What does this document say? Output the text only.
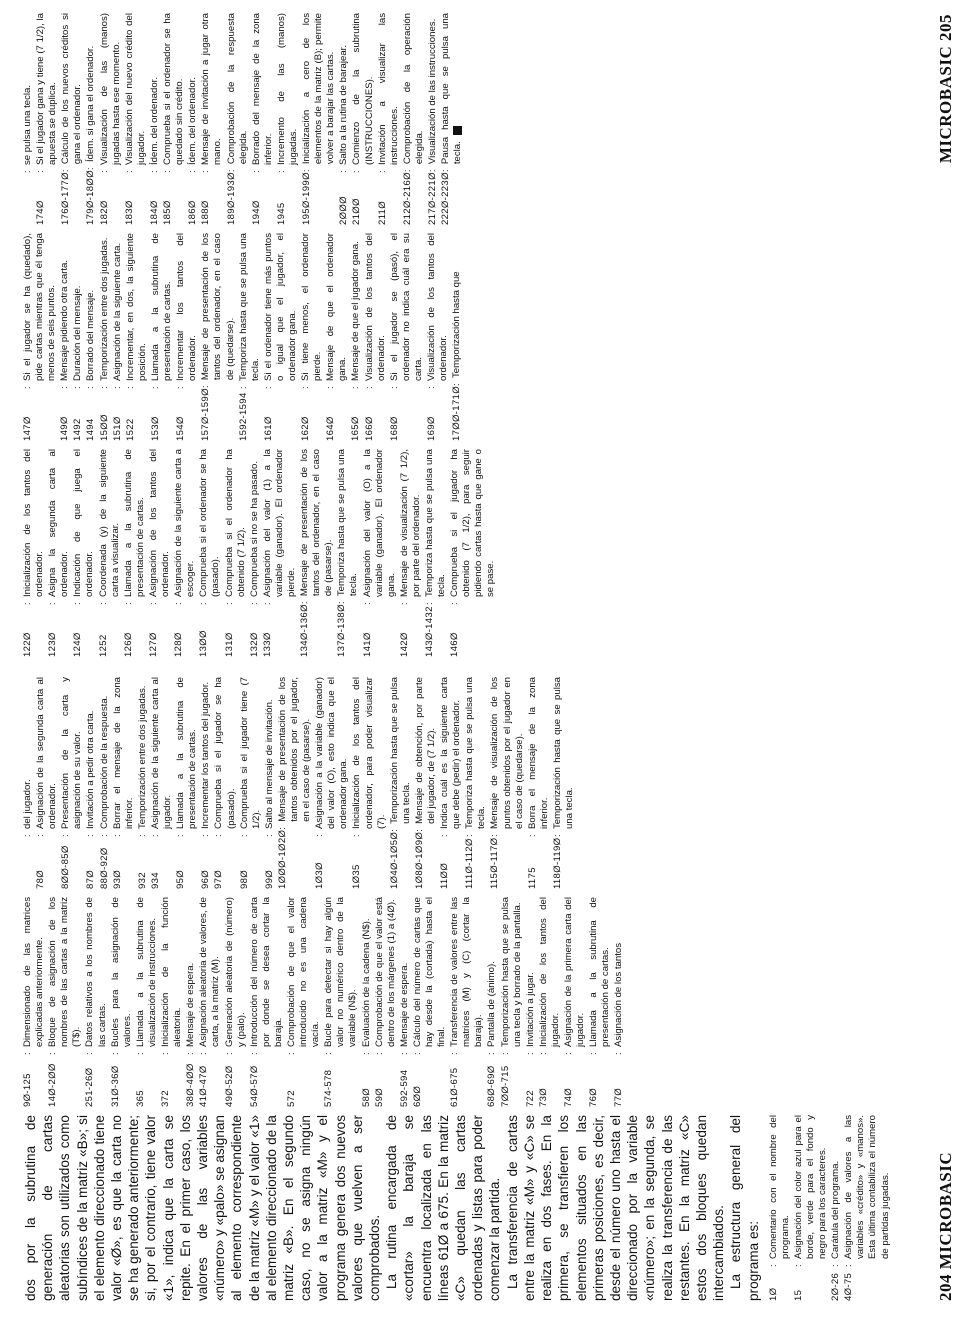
dos por la subrutina de generación de cartas aleatorias son utilizados como subíndices de la matriz «B»; si el elemento direccionado tiene valor «Ø», es que la carta no se ha generado anteriormente; si, por el contrario, tiene valor «1», indica que la carta se repite. En el primer caso, los valores de las variables «número» y «palo» se asignan al elemento correspondiente de la matriz «M» y el valor «1» al elemento direccionado de la matriz «B». En el segundo caso, no se asigna ningún valor a la matriz «M» y el programa genera dos nuevos valores que vuelven a ser comprobados. La rutina encargada de «cortar» la baraja se encuentra localizada en las líneas 61Ø a 675. En la matriz «C» quedan las cartas ordenadas y listas para poder comenzar la partida. La transferencia de cartas entre la matriz «M» y «C» se realiza en dos fases. En la primera, se transfieren los elementos situados en las primeras posiciones, es decir, desde el número uno hasta el direccionado por la variable «número»; en la segunda, se realiza la transferencia de las restantes. En la matriz «C» estos dos bloques quedan intercambiados. La estructura general del programa es: 1Ø
:
Comentario con el nombre del programa.
15
:
Asignación del color azul para el borde, verde para el fondo y negro para los caracteres.
2Ø-26
:
Carátula del programa.
4Ø-75
:
Asignación de valores a las variables «crédito» y «manos». Esta última contabiliza el número de partidas jugadas.
9Ø-125
:
Dimensionado de las matrices explicadas anteriormente.
14Ø-2ØØ
:
Bloque de asignación de los nombres de las cartas a la matriz (T$).
251-26Ø
:
Datos relativos a los nombres de las cartas.
31Ø-36Ø
:
Bucles para la asignación de valores.
365
:
Llamada a la subrutina de visualización de instrucciones.
372
:
Inicialización de la función aleatoria.
38Ø-4ØØ
:
Mensaje de espera.
41Ø-47Ø
:
Asignación aleatoria de valores, de carta, a la matriz (M).
49Ø-52Ø
:
Generación aleatoria de (número) y (palo).
54Ø-57Ø
:
Introducción del número de carta por donde se desea cortar la baraja.
572
:
Comprobación de que el valor introducido no es una cadena vacía.
574-578
:
Bucle para detectar si hay algún valor no numérico dentro de la variable (N$).
58Ø
:
Evaluación de la cadena (N$).
59Ø
:
Comprobación de que el valor está dentro de los márgenes (1) a (4Ø).
592-594
:
Mensaje de espera.
6ØØ
:
Cálculo del número de cartas que hay desde la (cortada) hasta el final.
61Ø-675
:
Transferencia de valores entre las matrices (M) y (C) (cortar la baraja).
68Ø-69Ø
:
Pantalla de (ánimo).
7ØØ-715
:
Temporización hasta que se pulsa una tecla y borrado de la pantalla.
722
:
Invitación a jugar.
73Ø
:
Inicialización de los tantos del jugador.
74Ø
:
Asignación de la primera carta del jugador.
76Ø
:
Llamada a la subrutina de presentación de cartas.
77Ø
:
Asignación de los tantos
:
del jugador.
78Ø
:
Asignación de la segunda carta al ordenador.
8ØØ-85Ø
:
Presentación de la carta y asignación de su valor.
87Ø
:
Invitación a pedir otra carta.
88Ø-92Ø
:
Comprobación de la respuesta.
93Ø
:
Borrar el mensaje de la zona inferior.
932
:
Temporización entre dos jugadas.
934
:
Asignación de la siguiente carta al jugador.
95Ø
:
Llamada a la subrutina de presentación de cartas.
96Ø
:
Incrementar los tantos del jugador.
97Ø
:
Comprueba si el jugador se ha (pasado).
98Ø
:
Comprueba si el jugador tiene (7 1/2).
99Ø
:
Salto al mensaje de invitación.
1ØØØ-1Ø2Ø
:
Mensaje de presentación de los tantos obtenidos por el jugador, en el caso de (pasarse).
1Ø3Ø
:
Asignación a la variable (ganador) del valor (O), esto indica que el ordenador gana.
1Ø35
:
Inicialización de los tantos del ordenador, para poder visualizar (7).
1Ø4Ø-1Ø5Ø
:
Temporización hasta que se pulsa una tecla.
1Ø8Ø-1Ø9Ø
:
Mensaje de obtención, por parte del jugador, de (7 1/2).
11ØØ
:
Indica cuál es la siguiente carta que debe (pedir) el ordenador.
111Ø-112Ø
:
Temporiza hasta que se pulsa una tecla.
115Ø-117Ø
:
Mensaje de visualización de los puntos obtenidos por el jugador en el caso de (quedarse).
1175
:
Borra el mensaje de la zona inferior.
118Ø-119Ø
:
Temporización hasta que se pulsa una tecla.
204 MICROBASIC
122Ø
:
Inicialización de los tantos del ordenador.
123Ø
:
Asigna la segunda carta al ordenador.
124Ø
:
Indicación de que juega el ordenador.
1252
:
Coordenada (y) de la siguiente carta a visualizar.
126Ø
:
Llamada a la subrutina de presentación de cartas.
127Ø
:
Asignación de los tantos del ordenador.
128Ø
:
Asignación de la siguiente carta a escoger.
13ØØ
:
Comprueba si el ordenador se ha (pasado).
131Ø
:
Comprueba si el ordenador ha obtenido (7 1/2).
132Ø
:
Comprueba si no se ha pasado.
133Ø
:
Asignación del valor (1) a la variable (ganador). El ordenador pierde.
134Ø-136Ø
:
Mensaje de presentación de los tantos del ordenador, en el caso de (pasarse).
137Ø-138Ø
:
Temporiza hasta que se pulsa una tecla.
141Ø
:
Asignación del valor (O) a la variable (ganador). El ordenador gana.
142Ø
:
Mensaje de visualización (7 1/2), por parte del ordenador.
143Ø-1432
:
Temporiza hasta que se pulsa una tecla.
146Ø
:
Comprueba si el jugador ha obtenido (7 1/2), para seguir pidiendo cartas hasta que gane o se pase.
147Ø
:
Si el jugador se ha (quedado), pide cartas mientras que él tenga menos de seis puntos.
149Ø
:
Mensaje pidiendo otra carta.
1492
:
Duración del mensaje.
1494
:
Borrado del mensaje.
15ØØ
:
Temporización entre dos jugadas.
151Ø
:
Asignación de la siguiente carta.
1522
:
Incrementar, en dos, la siguiente posición.
153Ø
:
Llamada a la subrutina de presentación de cartas.
154Ø
:
Incrementar los tantos del ordenador.
157Ø-159Ø
:
Mensaje de presentación de los tantos del ordenador, en el caso de (quedarse).
1592-1594
:
Temporiza hasta que se pulsa una tecla.
161Ø
:
Si el ordenador tiene más puntos o igual que el jugador, el ordenador gana.
162Ø
:
Si tiene menos, el ordenador pierde.
164Ø
:
Mensaje de que el ordenador gana.
165Ø
:
Mensaje de que el jugador gana.
166Ø
:
Visualización de los tantos del ordenador.
168Ø
:
Si el jugador se (pasó), el ordenador no indica cuál era su carta.
169Ø
:
Visualización de los tantos del ordenador.
17ØØ-171Ø
:
Temporización hasta que
:
se pulsa una tecla.
174Ø
:
Si el jugador gana y tiene (7 1/2), la apuesta se duplica.
176Ø-177Ø
:
Cálculo de los nuevos créditos si gana el ordenador.
179Ø-18ØØ
:
Ídem. si gana el ordenador.
182Ø
:
Visualización de las (manos) jugadas hasta ese momento.
183Ø
:
Visualización del nuevo crédito del jugador.
184Ø
:
Ídem. del ordenador.
185Ø
:
Comprueba si el ordenador se ha quedado sin crédito.
186Ø
:
Ídem. del ordenador.
188Ø
:
Mensaje de invitación a jugar otra mano.
189Ø-193Ø
:
Comprobación de la respuesta elegida.
194Ø
:
Borrado del mensaje de la zona inferior.
1945
:
Incremento de las (manos) jugadas.
195Ø-199Ø
:
Inicialización a cero de los elementos de la matriz (B); permite volver a barajar las cartas.
2ØØØ
:
Salto a la rutina de barajear.
21ØØ
:
Comienzo de la subrutina (INSTRUCCIONES).
211Ø
:
Invitación a visualizar las instrucciones.
212Ø-216Ø
:
Comprobación de la operación elegida.
217Ø-221Ø
:
Visualización de las instrucciones.
222Ø-223Ø
:
Pausa hasta que se pulsa una tecla.	MICROBASIC 205
